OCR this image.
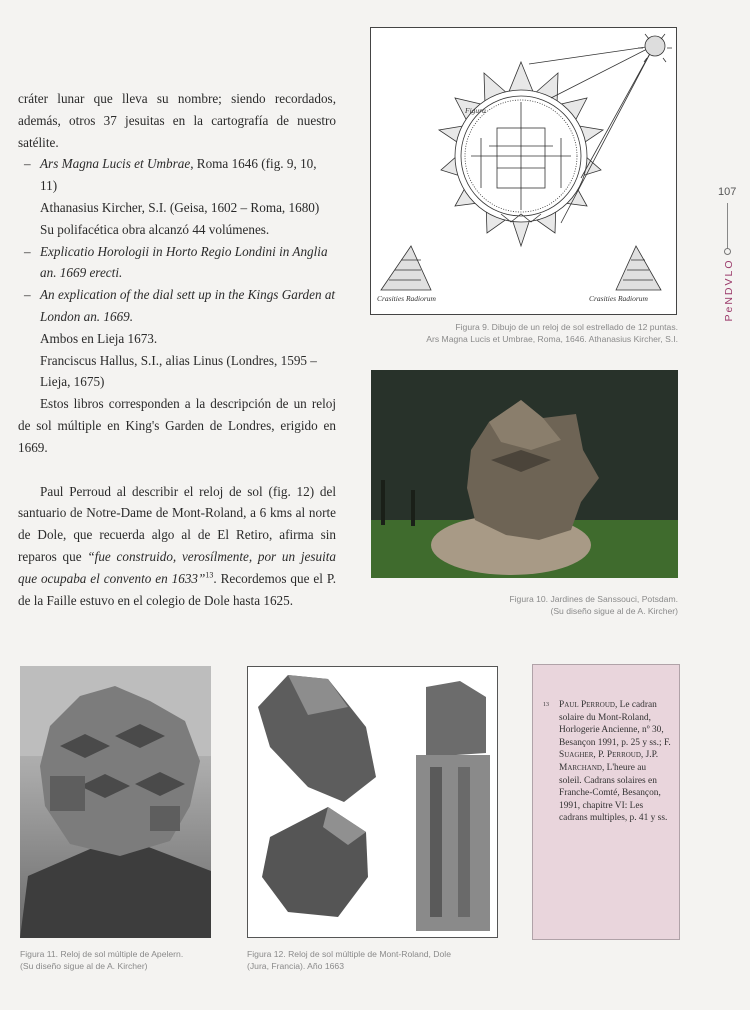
cráter lunar que lleva su nombre; siendo recordados, además, otros 37 jesuitas en la cartografía de nuestro satélite.

– Ars Magna Lucis et Umbrae, Roma 1646 (fig. 9, 10, 11)

Athanasius Kircher, S.I. (Geisa, 1602 – Roma, 1680)

Su polifacética obra alcanzó 44 volúmenes.

– Explicatio Horologii in Horto Regio Londini in Anglia an. 1669 erecti.

– An explication of the dial sett up in the Kings Garden at London an. 1669.

Ambos en Lieja 1673.

Franciscus Hallus, S.I., alias Linus (Londres, 1595 – Lieja, 1675)

Estos libros corresponden a la descripción de un reloj de sol múltiple en King's Garden de Londres, erigido en 1669.

Paul Perroud al describir el reloj de sol (fig. 12) del santuario de Notre-Dame de Mont-Roland, a 6 kms al norte de Dole, que recuerda algo al de El Retiro, afirma sin reparos que “fue construido, verosílmente, por un jesuita que ocupaba el convento en 1633”$^{13}$. Recordemos que el P. de la Faille estuvo en el colegio de Dole hasta 1625.

Figura
Crasities Radiorum	Crasities Radiorum
Figura 9. Dibujo de un reloj de sol estrellado de 12 puntas.
Ars Magna Lucis et Umbrae, Roma, 1646. Athanasius Kircher, S.I.
Figura 10. Jardines de Sanssouci, Potsdam.
(Su diseño sigue al de A. Kircher)
Figura 11. Reloj de sol múltiple de Apelern.
(Su diseño sigue al de A. Kircher)
Figura 12. Reloj de sol múltiple de Mont-Roland, Dole
(Jura, Francia). Año 1663
13 Paul Perroud, Le cadran solaire du Mont-Roland, Horlogerie Ancienne, nº 30, Besançon 1991, p. 25 y ss.; F. Suagher, P. Perroud, J.P. Marchand, L'heure au soleil. Cadrans solaires en Franche-Comté, Besançon, 1991, chapitre VI: Les cadrans multiples, p. 41 y ss.
107
PeNDVLO
